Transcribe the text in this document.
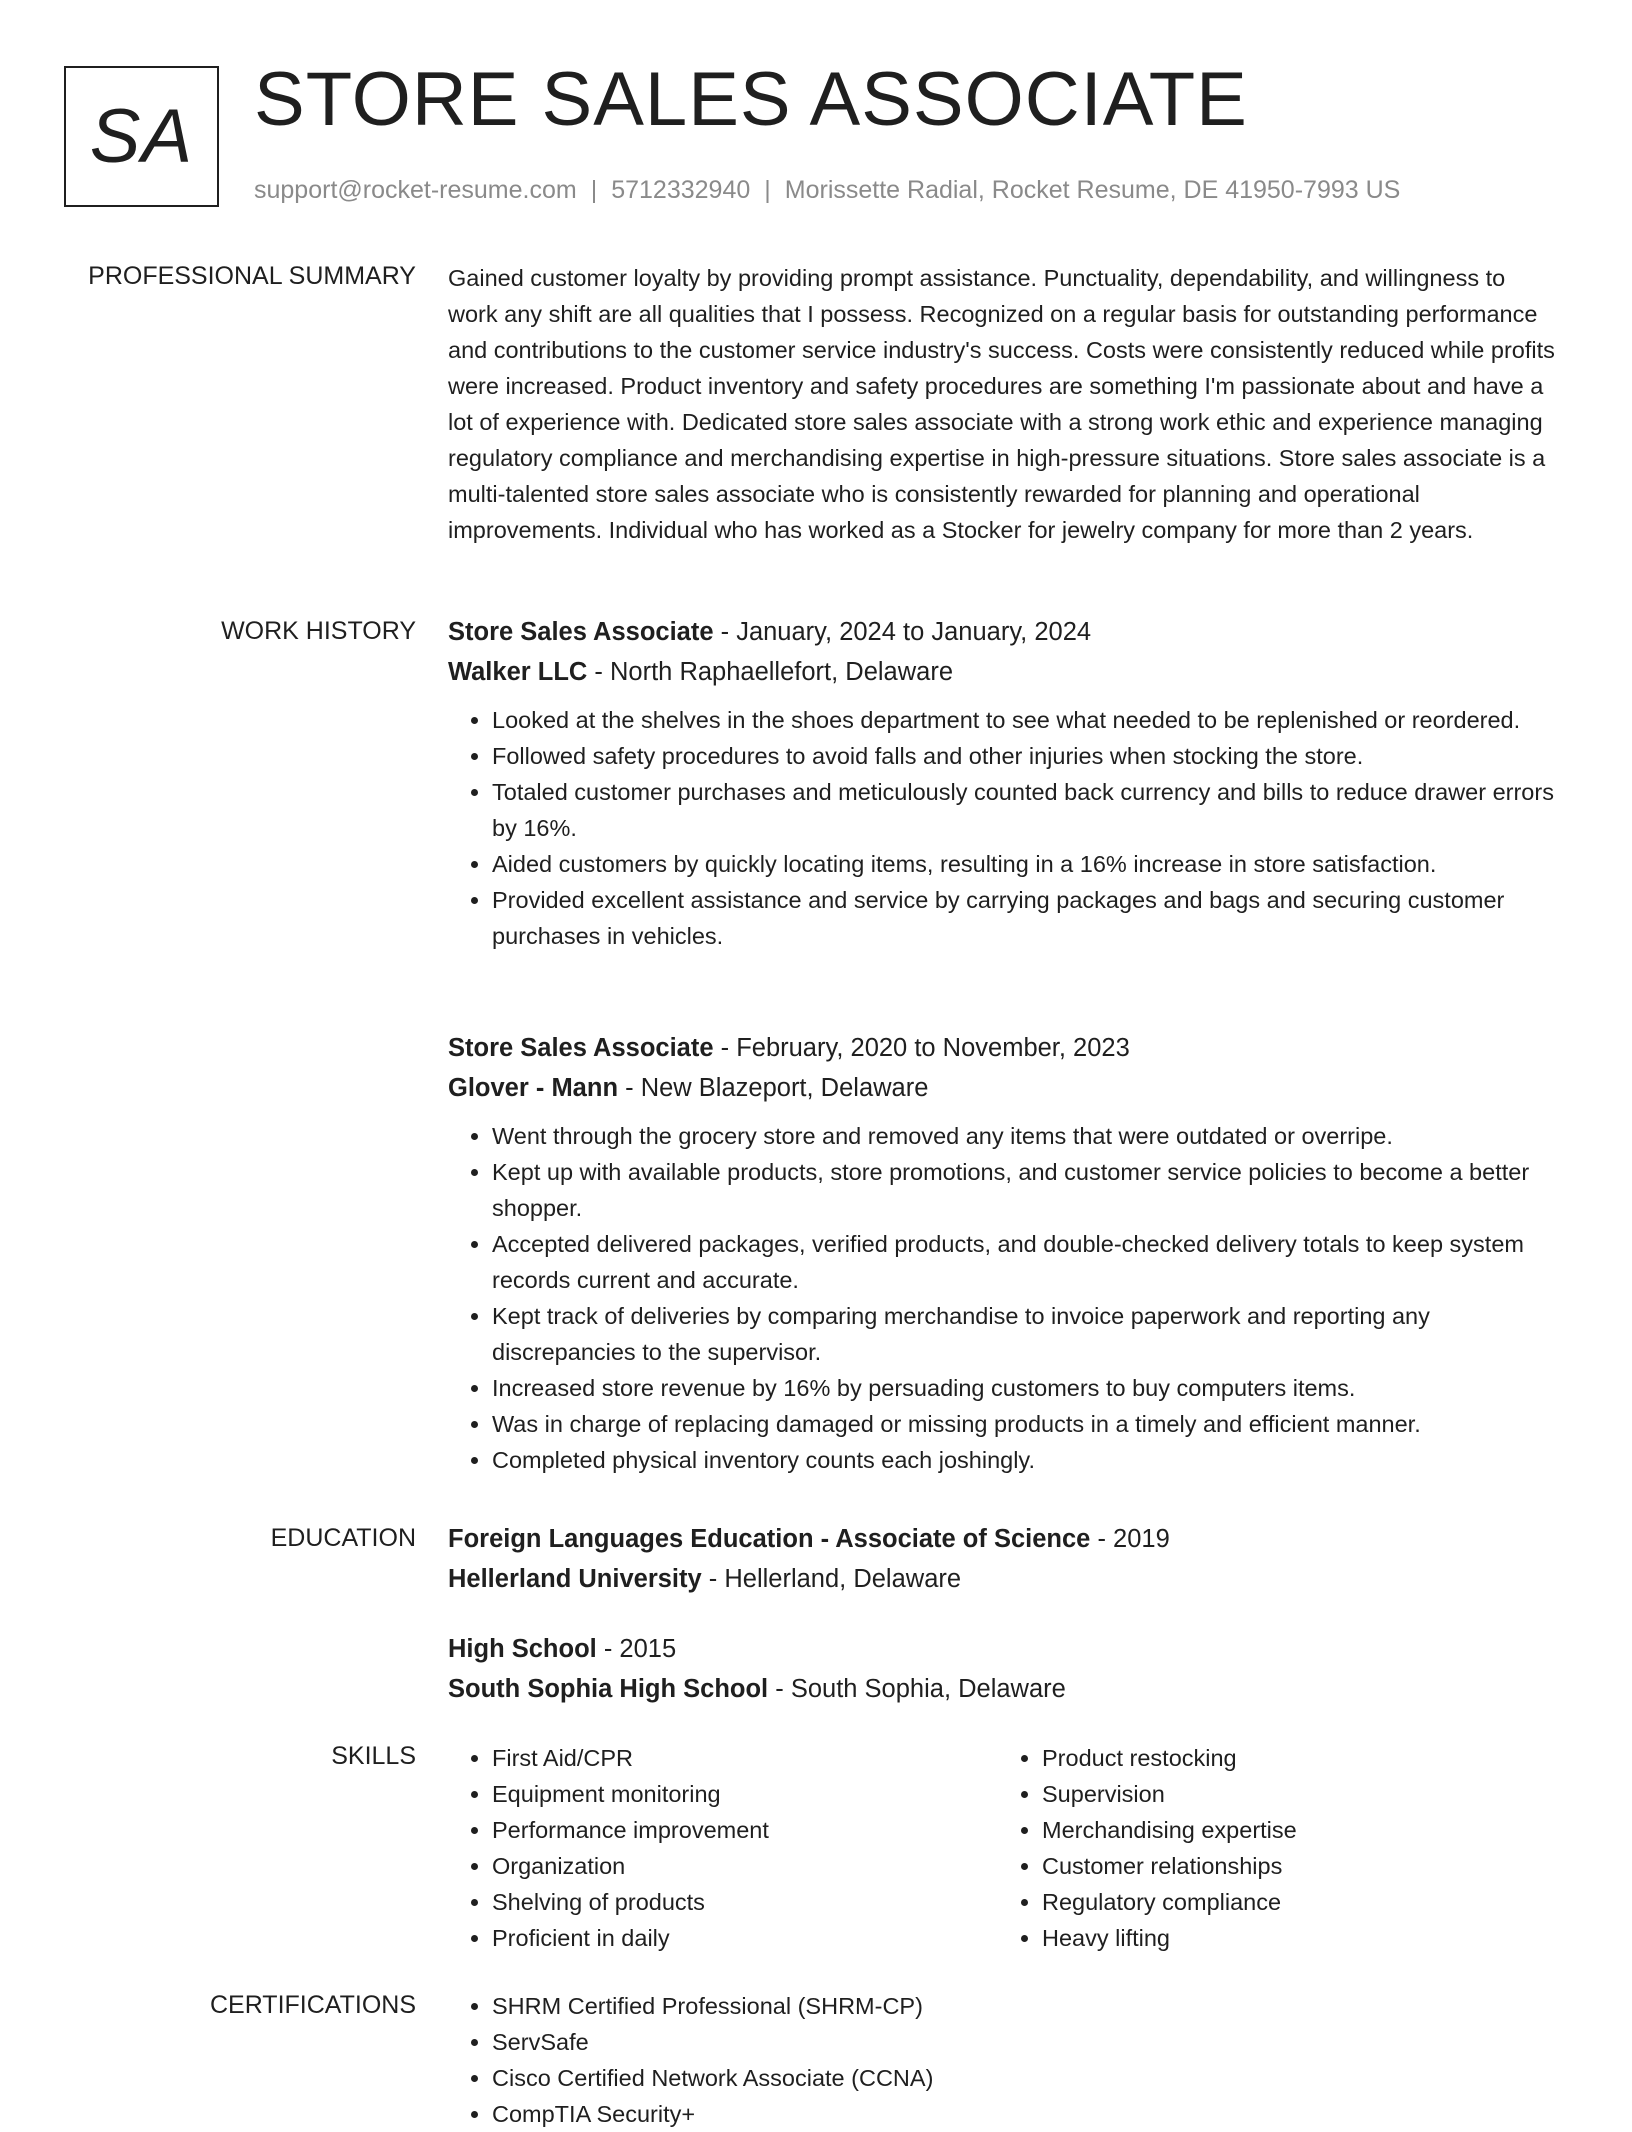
SA STORE SALES ASSOCIATE
support@rocket-resume.com | 5712332940 | Morissette Radial, Rocket Resume, DE 41950-7993 US
PROFESSIONAL SUMMARY Gained customer loyalty by providing prompt assistance. Punctuality, dependability, and willingness to work any shift are all qualities that I possess. Recognized on a regular basis for outstanding performance and contributions to the customer service industry's success. Costs were consistently reduced while profits were increased. Product inventory and safety procedures are something I'm passionate about and have a lot of experience with. Dedicated store sales associate with a strong work ethic and experience managing regulatory compliance and merchandising expertise in high-pressure situations. Store sales associate is a multi-talented store sales associate who is consistently rewarded for planning and operational improvements. Individual who has worked as a Stocker for jewelry company for more than 2 years.
WORK HISTORY Store Sales Associate - January, 2024 to January, 2024
Walker LLC - North Raphaellefort, Delaware
• Looked at the shelves in the shoes department to see what needed to be replenished or reordered.
• Followed safety procedures to avoid falls and other injuries when stocking the store.
• Totaled customer purchases and meticulously counted back currency and bills to reduce drawer errors by 16%.
• Aided customers by quickly locating items, resulting in a 16% increase in store satisfaction.
• Provided excellent assistance and service by carrying packages and bags and securing customer purchases in vehicles.
Store Sales Associate - February, 2020 to November, 2023
Glover - Mann - New Blazeport, Delaware
• Went through the grocery store and removed any items that were outdated or overripe.
• Kept up with available products, store promotions, and customer service policies to become a better shopper.
• Accepted delivered packages, verified products, and double-checked delivery totals to keep system records current and accurate.
• Kept track of deliveries by comparing merchandise to invoice paperwork and reporting any discrepancies to the supervisor.
• Increased store revenue by 16% by persuading customers to buy computers items.
• Was in charge of replacing damaged or missing products in a timely and efficient manner.
• Completed physical inventory counts each joshingly.
EDUCATION Foreign Languages Education - Associate of Science - 2019
Hellerland University - Hellerland, Delaware
High School - 2015
South Sophia High School - South Sophia, Delaware
SKILLS	• First Aid/CPR
• Equipment monitoring
• Performance improvement
• Organization
• Shelving of products
• Proficient in daily
• Product restocking
• Supervision
• Merchandising expertise
• Customer relationships
• Regulatory compliance
• Heavy lifting
CERTIFICATIONS	• SHRM Certified Professional (SHRM-CP)
• ServSafe
• Cisco Certified Network Associate (CCNA)
• CompTIA Security+
